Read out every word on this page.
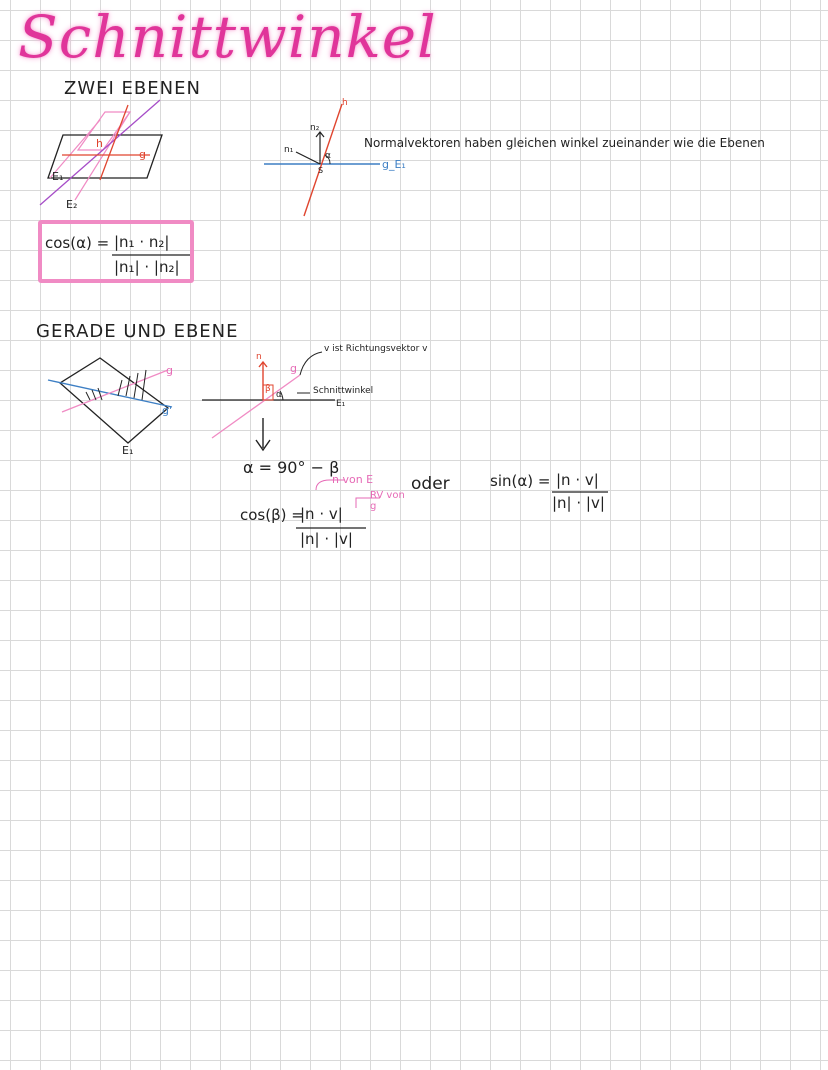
Schnittwinkel
ZWEI EBENEN
h
g
E₁
E₂
n₂
n₁
α
S	g_E₁
h
Normalvektoren haben gleichen winkel zueinander wie die Ebenen
cos(α) = |n₁ · n₂|
|n₁| · |n₂|
GERADE UND EBENE
g
g'
E₁
n
β
α
g
E₁
v ist Richtungsvektor v
Schnittwinkel
α = 90° − β
n von E
RV von g
oder
cos(β) =
|n · v|
|n| · |v|
sin(α) = |n · v|
|n| · |v|
